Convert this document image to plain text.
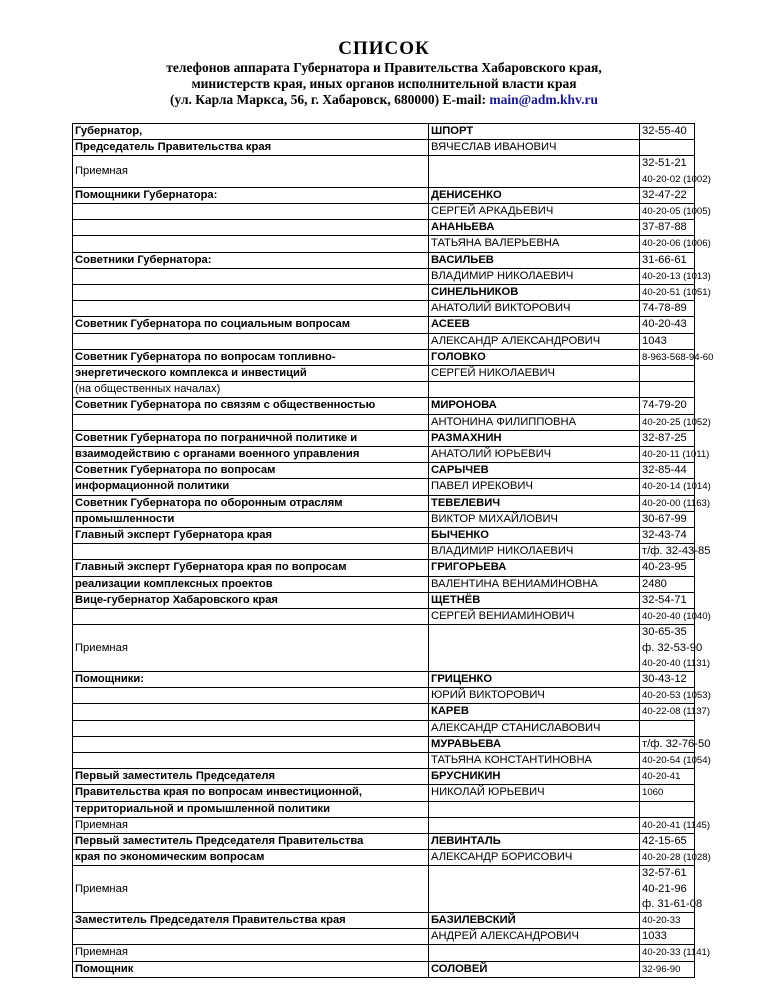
СПИСОК
телефонов аппарата Губернатора и Правительства Хабаровского края,
министерств края, иных органов исполнительной власти края
(ул. Карла Маркса, 56, г. Хабаровск, 680000) E-mail: main@adm.khv.ru
Губернатор,	ШПОРТ	32-55-40

Председатель Правительства края	ВЯЧЕСЛАВ ИВАНОВИЧ	

Приемная		32-51-21
40-20-02 (1002)

Помощники Губернатора:	ДЕНИСЕНКО	32-47-22

	СЕРГЕЙ АРКАДЬЕВИЧ	40-20-05 (1005)

	АНАНЬЕВА	37-87-88

	ТАТЬЯНА ВАЛЕРЬЕВНА	40-20-06 (1006)

Советники Губернатора:	ВАСИЛЬЕВ	31-66-61

	ВЛАДИМИР НИКОЛАЕВИЧ	40-20-13 (1013)

	СИНЕЛЬНИКОВ	40-20-51 (1051)

	АНАТОЛИЙ ВИКТОРОВИЧ	74-78-89

Советник Губернатора по социальным вопросам	АСЕЕВ	40-20-43

	АЛЕКСАНДР АЛЕКСАНДРОВИЧ	1043

Советник Губернатора по вопросам топливно-	ГОЛОВКО	8-963-568-94-60

энергетического комплекса и инвестиций	СЕРГЕЙ НИКОЛАЕВИЧ	

(на общественных началах)		

Советник Губернатора по связям с общественностью	МИРОНОВА	74-79-20

	АНТОНИНА ФИЛИППОВНА	40-20-25 (1052)

Советник Губернатора по пограничной политике и	РАЗМАХНИН	32-87-25

взаимодействию с органами военного управления	АНАТОЛИЙ ЮРЬЕВИЧ	40-20-11 (1011)

Советник Губернатора по вопросам	САРЫЧЕВ	32-85-44

информационной политики	ПАВЕЛ ИРЕКОВИЧ	40-20-14 (1014)

Советник Губернатора по оборонным отраслям	ТЕВЕЛЕВИЧ	40-20-00 (1163)

промышленности	ВИКТОР МИХАЙЛОВИЧ	30-67-99

Главный эксперт Губернатора края	БЫЧЕНКО	32-43-74

	ВЛАДИМИР НИКОЛАЕВИЧ	т/ф. 32-43-85

Главный эксперт Губернатора края по вопросам	ГРИГОРЬЕВА	40-23-95

реализации комплексных проектов	ВАЛЕНТИНА ВЕНИАМИНОВНА	2480

Вице-губернатор Хабаровского края	ЩЕТНЁВ	32-54-71

	СЕРГЕЙ ВЕНИАМИНОВИЧ	40-20-40 (1040)

Приемная		30-65-35
ф. 32-53-90
40-20-40 (1131)

Помощники:	ГРИЦЕНКО	30-43-12

	ЮРИЙ ВИКТОРОВИЧ	40-20-53 (1053)

	КАРЕВ	40-22-08 (1137)

	АЛЕКСАНДР СТАНИСЛАВОВИЧ	

	МУРАВЬЕВА	т/ф. 32-76-50

	ТАТЬЯНА КОНСТАНТИНОВНА	40-20-54 (1054)

Первый заместитель Председателя	БРУСНИКИН	40-20-41

Правительства края по вопросам инвестиционной,	НИКОЛАЙ ЮРЬЕВИЧ	1060

территориальной и промышленной политики		

Приемная		40-20-41 (1145)

Первый заместитель Председателя Правительства	ЛЕВИНТАЛЬ	42-15-65

края по экономическим вопросам	АЛЕКСАНДР БОРИСОВИЧ	40-20-28 (1028)

Приемная		32-57-61
40-21-96
ф. 31-61-08

Заместитель Председателя Правительства края	БАЗИЛЕВСКИЙ	40-20-33

	АНДРЕЙ АЛЕКСАНДРОВИЧ	1033

Приемная		40-20-33 (1141)

Помощник	СОЛОВЕЙ	32-96-90
